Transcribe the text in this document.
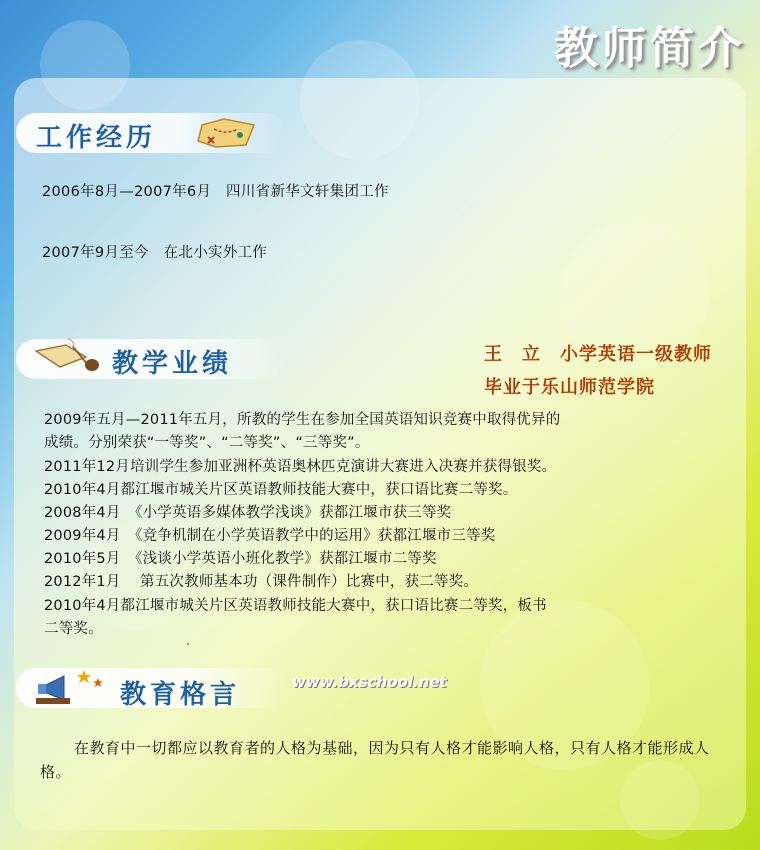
教师简介
工作经历
2006年8月—2007年6月　四川省新华文轩集团工作
2007年9月至今　在北小实外工作
教学业绩	王　立　小学英语一级教师
毕业于乐山师范学院
2009年五月—2011年五月，所教的学生在参加全国英语知识竞赛中取得优异的
成绩。分别荣获“一等奖”、“二等奖”、“三等奖”。
2011年12月培训学生参加亚洲杯英语奥林匹克演讲大赛进入决赛并获得银奖。
2010年4月都江堰市城关片区英语教师技能大赛中，获口语比赛二等奖。
2008年4月　《小学英语多媒体教学浅谈》获都江堰市获三等奖
2009年4月　《竞争机制在小学英语教学中的运用》获都江堰市三等奖
2010年5月　《浅谈小学英语小班化教学》获都江堰市二等奖
2012年1月　 第五次教师基本功（课件制作）比赛中，获二等奖。
2010年4月都江堰市城关片区英语教师技能大赛中，获口语比赛二等奖，板书
二等奖。
教育格言	www.bxschool.net
在教育中一切都应以教育者的人格为基础，因为只有人格才能影响人格，只有人格才能形成人格。
